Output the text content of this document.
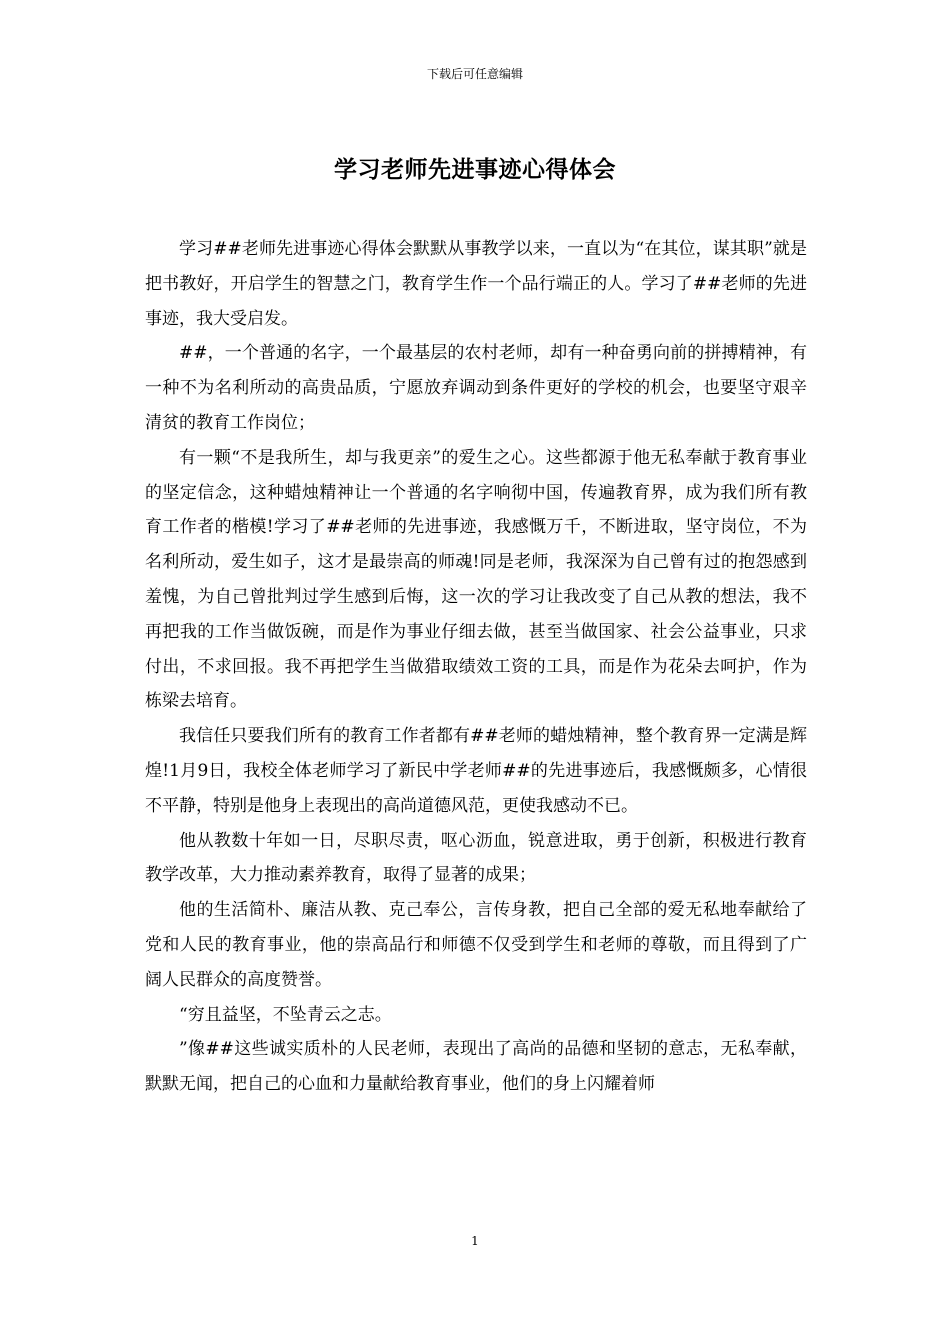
下载后可任意编辑
学习老师先进事迹心得体会

学习##老师先进事迹心得体会默默从事教学以来，一直以为“在其位，谋其职”就是把书教好，开启学生的智慧之门，教育学生作一个品行端正的人。学习了##老师的先进事迹，我大受启发。

##，一个普通的名字，一个最基层的农村老师，却有一种奋勇向前的拼搏精神，有一种不为名利所动的高贵品质，宁愿放弃调动到条件更好的学校的机会，也要坚守艰辛清贫的教育工作岗位；

有一颗“不是我所生，却与我更亲”的爱生之心。这些都源于他无私奉献于教育事业的坚定信念，这种蜡烛精神让一个普通的名字响彻中国，传遍教育界，成为我们所有教育工作者的楷模!学习了##老师的先进事迹，我感慨万千，不断进取，坚守岗位，不为名利所动，爱生如子，这才是最崇高的师魂!同是老师，我深深为自己曾有过的抱怨感到羞愧，为自己曾批判过学生感到后悔，这一次的学习让我改变了自己从教的想法，我不再把我的工作当做饭碗，而是作为事业仔细去做，甚至当做国家、社会公益事业，只求付出，不求回报。我不再把学生当做猎取绩效工资的工具，而是作为花朵去呵护，作为栋梁去培育。

我信任只要我们所有的教育工作者都有##老师的蜡烛精神，整个教育界一定满是辉煌!1月9日，我校全体老师学习了新民中学老师##的先进事迹后，我感慨颇多，心情很不平静，特别是他身上表现出的高尚道德风范，更使我感动不已。

他从教数十年如一日，尽职尽责，呕心沥血，锐意进取，勇于创新，积极进行教育教学改革，大力推动素养教育，取得了显著的成果；

他的生活简朴、廉洁从教、克己奉公，言传身教，把自己全部的爱无私地奉献给了党和人民的教育事业，他的崇高品行和师德不仅受到学生和老师的尊敬，而且得到了广阔人民群众的高度赞誉。

“穷且益坚，不坠青云之志。

”像##这些诚实质朴的人民老师，表现出了高尚的品德和坚韧的意志，无私奉献，默默无闻，把自己的心血和力量献给教育事业，他们的身上闪耀着师

1
